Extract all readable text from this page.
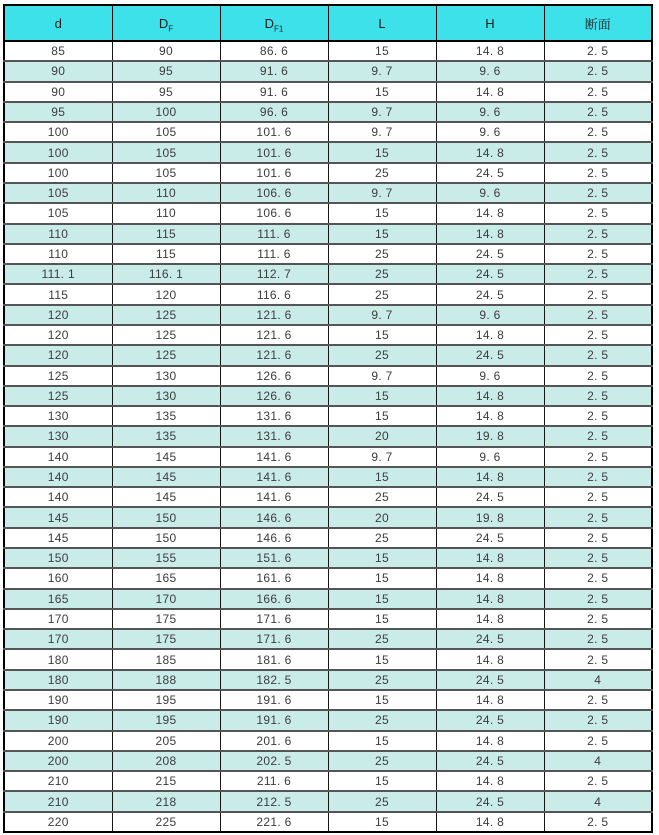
d	$D_F$	$D_{F1}$	L	H	断面
85	90	86. 6	15	14. 8	2. 5
90	95	91. 6	9. 7	9. 6	2. 5
90	95	91. 6	15	14. 8	2. 5
95	100	96. 6	9. 7	9. 6	2. 5
100	105	101. 6	9. 7	9. 6	2. 5
100	105	101. 6	15	14. 8	2. 5
100	105	101. 6	25	24. 5	2. 5
105	110	106. 6	9. 7	9. 6	2. 5
105	110	106. 6	15	14. 8	2. 5
110	115	111. 6	15	14. 8	2. 5
110	115	111. 6	25	24. 5	2. 5
111. 1	116. 1	112. 7	25	24. 5	2. 5
115	120	116. 6	25	24. 5	2. 5
120	125	121. 6	9. 7	9. 6	2. 5
120	125	121. 6	15	14. 8	2. 5
120	125	121. 6	25	24. 5	2. 5
125	130	126. 6	9. 7	9. 6	2. 5
125	130	126. 6	15	14. 8	2. 5
130	135	131. 6	15	14. 8	2. 5
130	135	131. 6	20	19. 8	2. 5
140	145	141. 6	9. 7	9. 6	2. 5
140	145	141. 6	15	14. 8	2. 5
140	145	141. 6	25	24. 5	2. 5
145	150	146. 6	20	19. 8	2. 5
145	150	146. 6	25	24. 5	2. 5
150	155	151. 6	15	14. 8	2. 5
160	165	161. 6	15	14. 8	2. 5
165	170	166. 6	15	14. 8	2. 5
170	175	171. 6	15	14. 8	2. 5
170	175	171. 6	25	24. 5	2. 5
180	185	181. 6	15	14. 8	2. 5
180	188	182. 5	25	24. 5	4
190	195	191. 6	15	14. 8	2. 5
190	195	191. 6	25	24. 5	2. 5
200	205	201. 6	15	14. 8	2. 5
200	208	202. 5	25	24. 5	4
210	215	211. 6	15	14. 8	2. 5
210	218	212. 5	25	24. 5	4
220	225	221. 6	15	14. 8	2. 5
